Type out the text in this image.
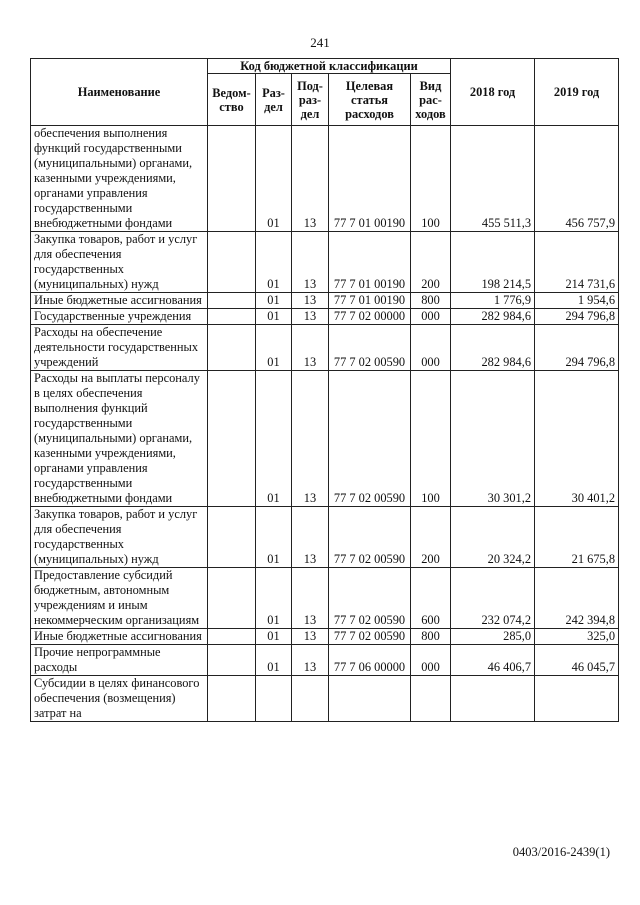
241
Наименование	Код бюджетной классификации					2018 год	2019 год
	Ведом-ство	Раз-дел	Под-раз-дел	Целевая статья расходов	Вид рас-ходов		
обеспечения выполнения функций государственными (муниципальными) органами, казенными учреждениями, органами управления государственными внебюджетными фондами		01	13	77 7 01 00190	100	455 511,3	456 757,9
Закупка товаров, работ и услуг для обеспечения государственных (муниципальных) нужд		01	13	77 7 01 00190	200	198 214,5	214 731,6
Иные бюджетные ассигнования		01	13	77 7 01 00190	800	1 776,9	1 954,6
Государственные учреждения		01	13	77 7 02 00000	000	282 984,6	294 796,8
Расходы на обеспечение деятельности государственных учреждений		01	13	77 7 02 00590	000	282 984,6	294 796,8
Расходы на выплаты персоналу в целях обеспечения выполнения функций государственными (муниципальными) органами, казенными учреждениями, органами управления государственными внебюджетными фондами		01	13	77 7 02 00590	100	30 301,2	30 401,2
Закупка товаров, работ и услуг для обеспечения государственных (муниципальных) нужд		01	13	77 7 02 00590	200	20 324,2	21 675,8
Предоставление субсидий бюджетным, автономным учреждениям и иным некоммерческим организациям		01	13	77 7 02 00590	600	232 074,2	242 394,8
Иные бюджетные ассигнования		01	13	77 7 02 00590	800	285,0	325,0
Прочие непрограммные расходы		01	13	77 7 06 00000	000	46 406,7	46 045,7
Субсидии в целях финансового обеспечения (возмещения) затрат на							
0403/2016-2439(1)
